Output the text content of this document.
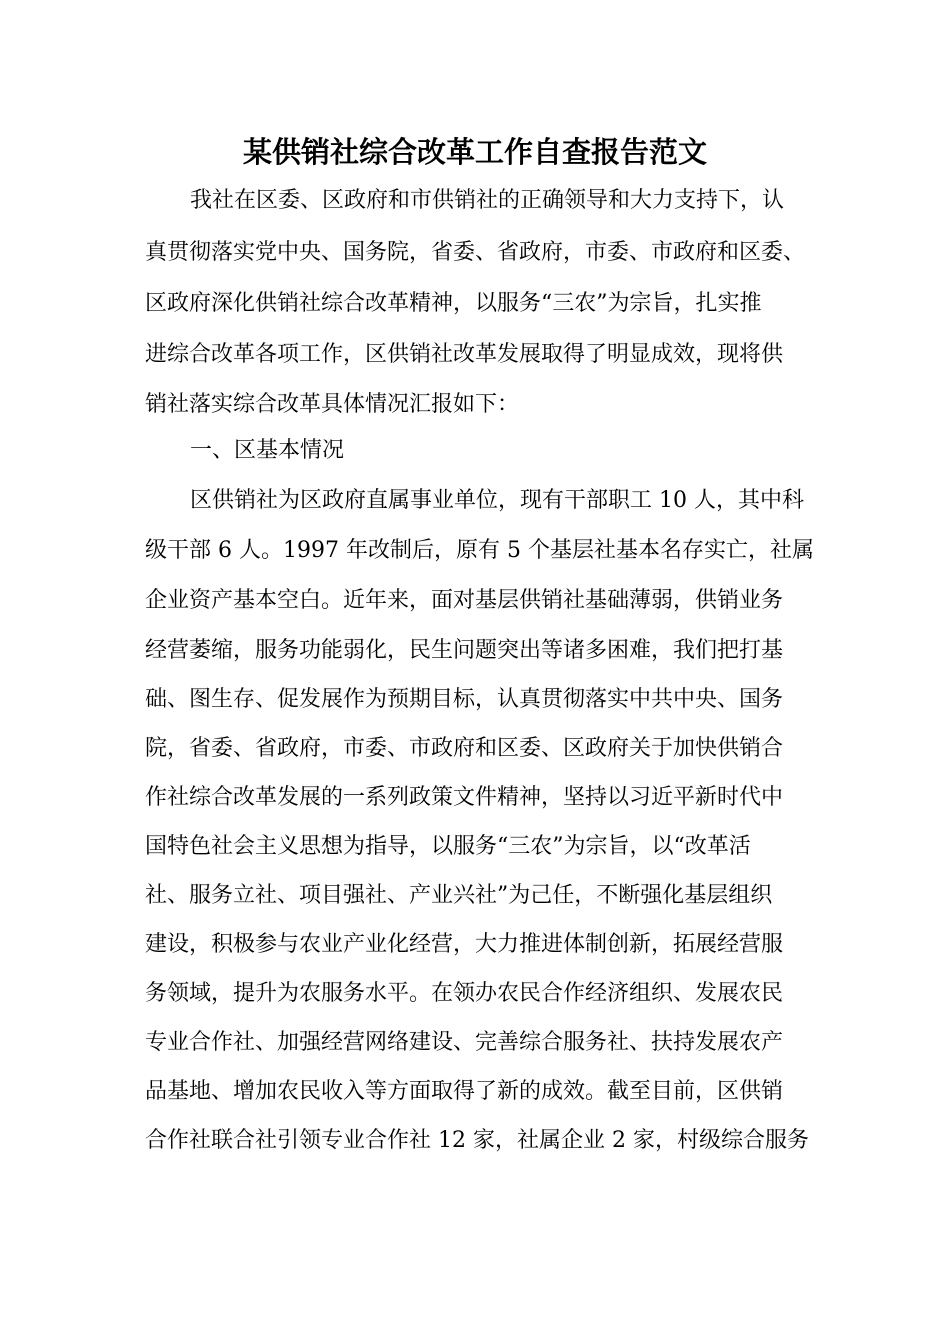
某供销社综合改革工作自查报告范文

我社在区委、区政府和市供销社的正确领导和大力支持下，认

真贯彻落实党中央、国务院，省委、省政府，市委、市政府和区委、

区政府深化供销社综合改革精神，以服务“三农”为宗旨，扎实推

进综合改革各项工作，区供销社改革发展取得了明显成效，现将供

销社落实综合改革具体情况汇报如下：

一、区基本情况

区供销社为区政府直属事业单位，现有干部职工 10 人，其中科

级干部 6 人。1997 年改制后，原有 5 个基层社基本名存实亡，社属

企业资产基本空白。近年来，面对基层供销社基础薄弱，供销业务

经营萎缩，服务功能弱化，民生问题突出等诸多困难，我们把打基

础、图生存、促发展作为预期目标，认真贯彻落实中共中央、国务

院，省委、省政府，市委、市政府和区委、区政府关于加快供销合

作社综合改革发展的一系列政策文件精神，坚持以习近平新时代中

国特色社会主义思想为指导，以服务“三农”为宗旨，以“改革活

社、服务立社、项目强社、产业兴社”为己任，不断强化基层组织

建设，积极参与农业产业化经营，大力推进体制创新，拓展经营服

务领域，提升为农服务水平。在领办农民合作经济组织、发展农民

专业合作社、加强经营网络建设、完善综合服务社、扶持发展农产

品基地、增加农民收入等方面取得了新的成效。截至目前，区供销

合作社联合社引领专业合作社 12 家，社属企业 2 家，村级综合服务
